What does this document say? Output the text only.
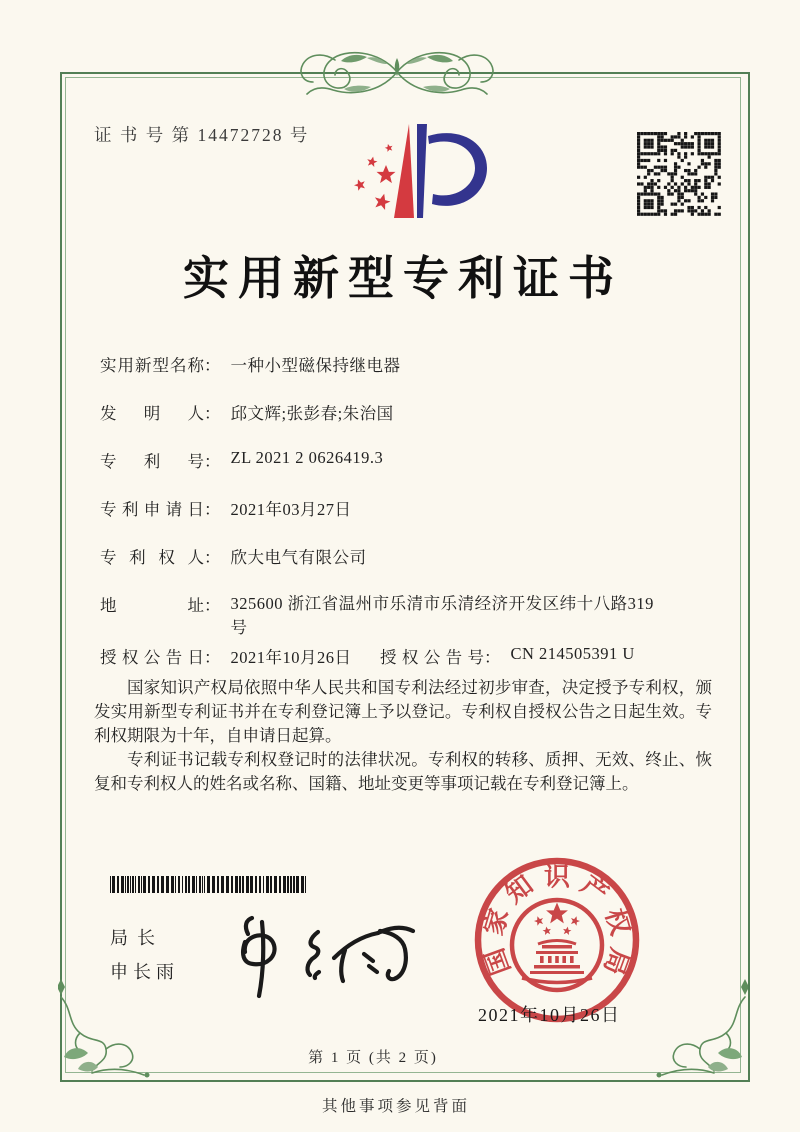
证 书 号 第 14472728 号
实用新型专利证书
实用新型名称： 一种小型磁保持继电器
发明人： 邱文辉;张彭春;朱治国
专利号： ZL 2021 2 0626419.3
专利申请日： 2021年03月27日
专利权人： 欣大电气有限公司
地址： 325600 浙江省温州市乐清市乐清经济开发区纬十八路319号
授权公告日： 2021年10月26日 授权公告号： CN 214505391 U

国家知识产权局依照中华人民共和国专利法经过初步审查，决定授予专利权，颁发实用新型专利证书并在专利登记簿上予以登记。专利权自授权公告之日起生效。专利权期限为十年，自申请日起算。

专利证书记载专利权登记时的法律状况。专利权的转移、质押、无效、终止、恢复和专利权人的姓名或名称、国籍、地址变更等事项记载在专利登记簿上。

局长
申长雨	国
家
知 识 产
权
局
2021年10月26日
第 1 页 (共 2 页)
其他事项参见背面
